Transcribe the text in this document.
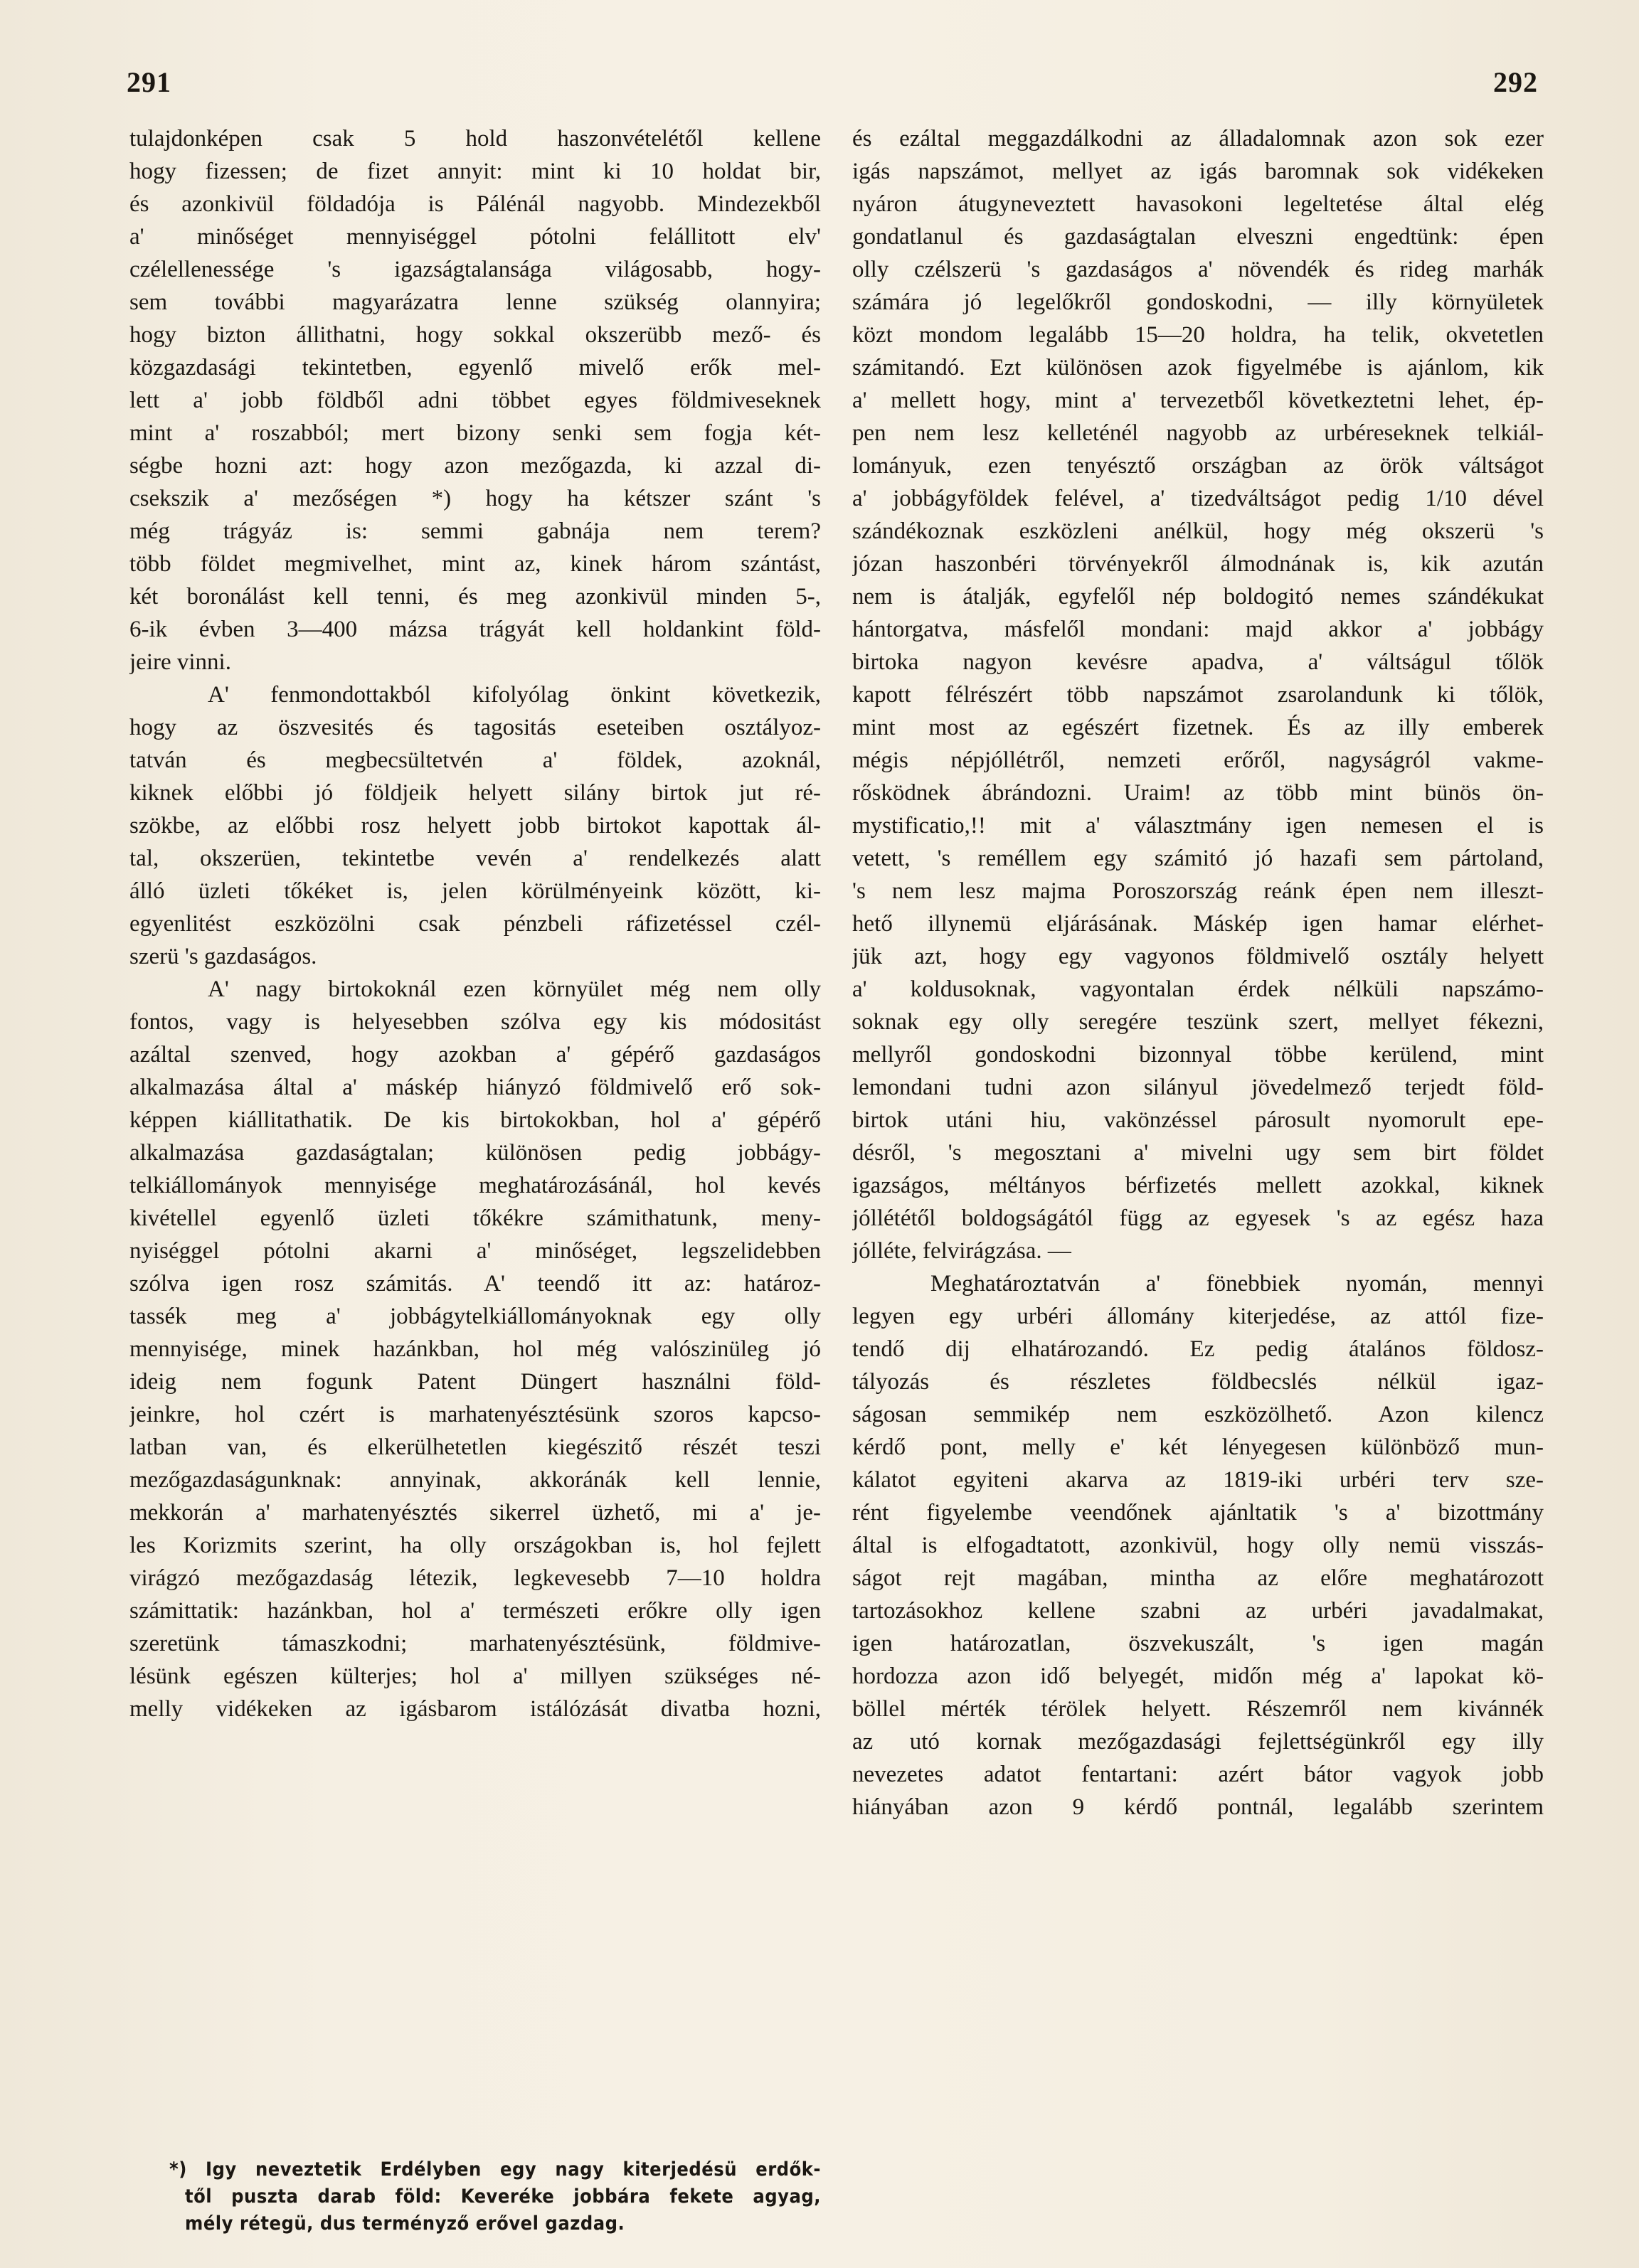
291	292
tulajdonképen csak 5 hold haszonvételétől kellene
hogy fizessen; de fizet annyit: mint ki 10 holdat bir,
és azonkivül földadója is Pálénál nagyobb. Mindezekből
a' minőséget mennyiséggel pótolni felállitott elv'
czélellenessége 's igazságtalansága világosabb, hogy-
sem további magyarázatra lenne szükség olannyira;
hogy bizton állithatni, hogy sokkal okszerübb mező- és
közgazdasági tekintetben, egyenlő mivelő erők mel-
lett a' jobb földből adni többet egyes földmiveseknek
mint a' roszabból; mert bizony senki sem fogja két-
ségbe hozni azt: hogy azon mezőgazda, ki azzal di-
csekszik a' mezőségen *) hogy ha kétszer szánt 's
még trágyáz is: semmi gabnája nem terem?
több földet megmivelhet, mint az, kinek három szántást,
két boronálást kell tenni, és meg azonkivül minden 5-,
6-ik évben 3—400 mázsa trágyát kell holdankint föld-
jeire vinni.
A' fenmondottakból kifolyólag önkint következik,
hogy az öszvesités és tagositás eseteiben osztályoz-
tatván és megbecsültetvén a' földek, azoknál,
kiknek előbbi jó földjeik helyett silány birtok jut ré-
szökbe, az előbbi rosz helyett jobb birtokot kapottak ál-
tal, okszerüen, tekintetbe vevén a' rendelkezés alatt
álló üzleti tőkéket is, jelen körülményeink között, ki-
egyenlitést eszközölni csak pénzbeli ráfizetéssel czél-
szerü 's gazdaságos.
A' nagy birtokoknál ezen környület még nem olly
fontos, vagy is helyesebben szólva egy kis módositást
azáltal szenved, hogy azokban a' gépérő gazdaságos
alkalmazása által a' máskép hiányzó földmivelő erő sok-
képpen kiállitathatik. De kis birtokokban, hol a' gépérő
alkalmazása gazdaságtalan; különösen pedig jobbágy-
telkiállományok mennyisége meghatározásánál, hol kevés
kivétellel egyenlő üzleti tőkékre számithatunk, meny-
nyiséggel pótolni akarni a' minőséget, legszelidebben
szólva igen rosz számitás. A' teendő itt az: határoz-
tassék meg a' jobbágytelkiállományoknak egy olly
mennyisége, minek hazánkban, hol még valószinüleg jó
ideig nem fogunk Patent Düngert használni föld-
jeinkre, hol czért is marhatenyésztésünk szoros kapcso-
latban van, és elkerülhetetlen kiegészitő részét teszi
mezőgazdaságunknak: annyinak, akkoránák kell lennie,
mekkorán a' marhatenyésztés sikerrel üzhető, mi a' je-
les Korizmits szerint, ha olly országokban is, hol fejlett
virágzó mezőgazdaság létezik, legkevesebb 7—10 holdra
számittatik: hazánkban, hol a' természeti erőkre olly igen
szeretünk támaszkodni; marhatenyésztésünk, földmive-
lésünk egészen külterjes; hol a' millyen szükséges né-
melly vidékeken az igásbarom istálózását divatba hozni,
és ezáltal meggazdálkodni az álladalomnak azon sok ezer
igás napszámot, mellyet az igás baromnak sok vidékeken
nyáron átugyneveztett havasokoni legeltetése által elég
gondatlanul és gazdaságtalan elveszni engedtünk: épen
olly czélszerü 's gazdaságos a' növendék és rideg marhák
számára jó legelőkről gondoskodni, — illy környületek
közt mondom legalább 15—20 holdra, ha telik, okvetetlen
számitandó. Ezt különösen azok figyelmébe is ajánlom, kik
a' mellett hogy, mint a' tervezetből következtetni lehet, ép-
pen nem lesz kelleténél nagyobb az urbéreseknek telkiál-
lományuk, ezen tenyésztő országban az örök váltságot
a' jobbágyföldek felével, a' tizedváltságot pedig 1/10 dével
szándékoznak eszközleni anélkül, hogy még okszerü 's
józan haszonbéri törvényekről álmodnának is, kik azután
nem is átalják, egyfelől nép boldogitó nemes szándékukat
hántorgatva, másfelől mondani: majd akkor a' jobbágy
birtoka nagyon kevésre apadva, a' váltságul tőlök
kapott félrészért több napszámot zsarolandunk ki tőlök,
mint most az egészért fizetnek. És az illy emberek
mégis népjóllétről, nemzeti erőről, nagyságról vakme-
rősködnek ábrándozni. Uraim! az több mint bünös ön-
mystificatio,!! mit a' választmány igen nemesen el is
vetett, 's reméllem egy számitó jó hazafi sem pártoland,
's nem lesz majma Poroszország reánk épen nem illeszt-
hető illynemü eljárásának. Máskép igen hamar elérhet-
jük azt, hogy egy vagyonos földmivelő osztály helyett
a' koldusoknak, vagyontalan érdek nélküli napszámo-
soknak egy olly seregére teszünk szert, mellyet fékezni,
mellyről gondoskodni bizonnyal többe kerülend, mint
lemondani tudni azon silányul jövedelmező terjedt föld-
birtok utáni hiu, vakönzéssel párosult nyomorult epe-
désről, 's megosztani a' mivelni ugy sem birt földet
igazságos, méltányos bérfizetés mellett azokkal, kiknek
jóllététől boldogságától függ az egyesek 's az egész haza
jólléte, felvirágzása. —
Meghatároztatván a' fönebbiek nyomán, mennyi
legyen egy urbéri állomány kiterjedése, az attól fize-
tendő dij elhatározandó. Ez pedig átalános földosz-
tályozás és részletes földbecslés nélkül igaz-
ságosan semmikép nem eszközölhető. Azon kilencz
kérdő pont, melly e' két lényegesen különböző mun-
kálatot egyiteni akarva az 1819-iki urbéri terv sze-
rént figyelembe veendőnek ajánltatik 's a' bizottmány
által is elfogadtatott, azonkivül, hogy olly nemü visszás-
ságot rejt magában, mintha az előre meghatározott
tartozásokhoz kellene szabni az urbéri javadalmakat,
igen határozatlan, öszvekuszált, 's igen magán
hordozza azon idő belyegét, midőn még a' lapokat kö-
böllel mérték térölek helyett. Részemről nem kivánnék
az utó kornak mezőgazdasági fejlettségünkről egy illy
nevezetes adatot fentartani: azért bátor vagyok jobb
hiányában azon 9 kérdő pontnál, legalább szerintem
*) Igy neveztetik Erdélyben egy nagy kiterjedésü erdők-
től puszta darab föld: Keveréke jobbára fekete agyag,
mély rétegü, dus terményző erővel gazdag.
